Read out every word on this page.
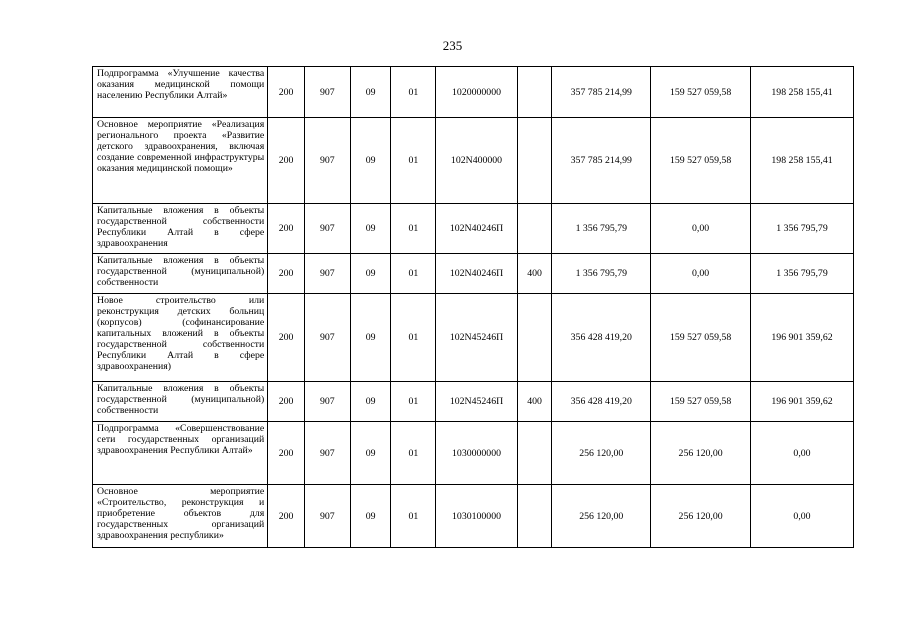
235
Подпрограмма «Улучшение качества оказания медицинской помощи населению Республики Алтай»	200	907	09	01	1020000000		357 785 214,99	159 527 059,58	198 258 155,41
Основное мероприятие «Реализация регионального проекта «Развитие детского здравоохранения, включая создание современной инфраструктуры оказания медицинской помощи»	200	907	09	01	102N400000		357 785 214,99	159 527 059,58	198 258 155,41
Капитальные вложения в объекты государственной собственности Республики Алтай в сфере здравоохранения	200	907	09	01	102N40246П		1 356 795,79	0,00	1 356 795,79
Капитальные вложения в объекты государственной (муниципальной) собственности	200	907	09	01	102N40246П	400	1 356 795,79	0,00	1 356 795,79
Новое строительство или реконструкция детских больниц (корпусов) (софинансирование капитальных вложений в объекты государственной собственности Республики Алтай в сфере здравоохранения)	200	907	09	01	102N45246П		356 428 419,20	159 527 059,58	196 901 359,62
Капитальные вложения в объекты государственной (муниципальной) собственности	200	907	09	01	102N45246П	400	356 428 419,20	159 527 059,58	196 901 359,62
Подпрограмма «Совершенствование сети государственных организаций здравоохранения Республики Алтай»	200	907	09	01	1030000000		256 120,00	256 120,00	0,00
Основное мероприятие «Строительство, реконструкция и приобретение объектов для государственных организаций здравоохранения республики»	200	907	09	01	1030100000		256 120,00	256 120,00	0,00
